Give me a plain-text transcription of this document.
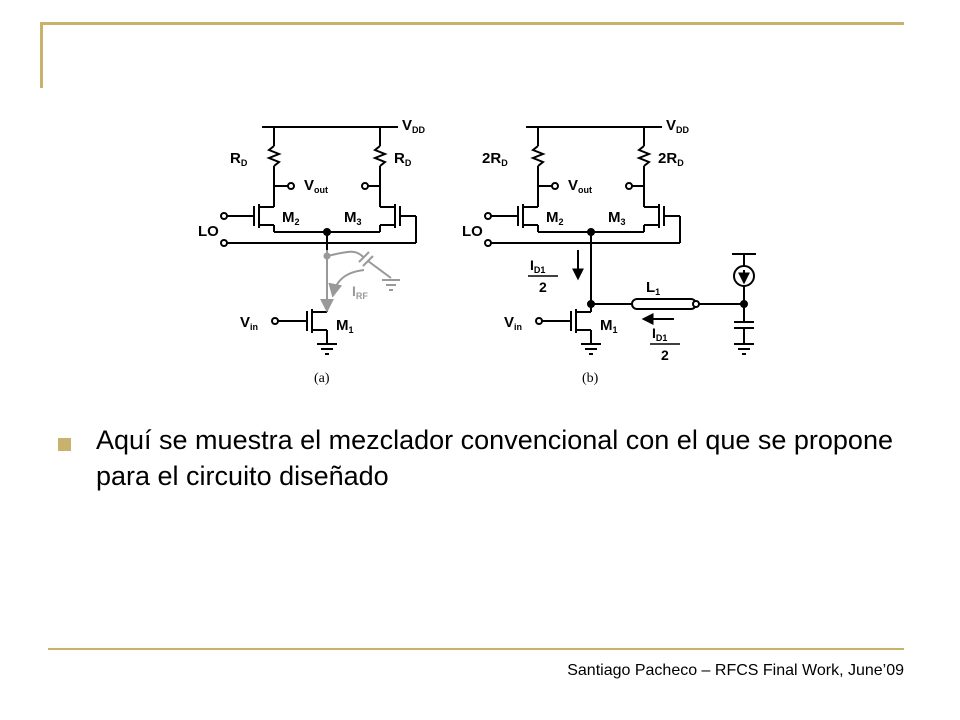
$V_{DD}$
$R_D$	$R_D$
$V_{out}$
$M_2$	$M_3$
LO
$I_{RF}$
$V_{in}$	$M_1$
(a)
$V_{DD}$
$2R_D$	$2R_D$
$V_{out}$
$M_2$	$M_3$
LO
$I_{D1}$
2	$L_1$
$V_{in}$	$M_1$ $I_{D1}$
2
(b)
Aquí se muestra el mezclador convencional con el que se propone para el circuito diseñado
Santiago Pacheco – RFCS Final Work, June’09
